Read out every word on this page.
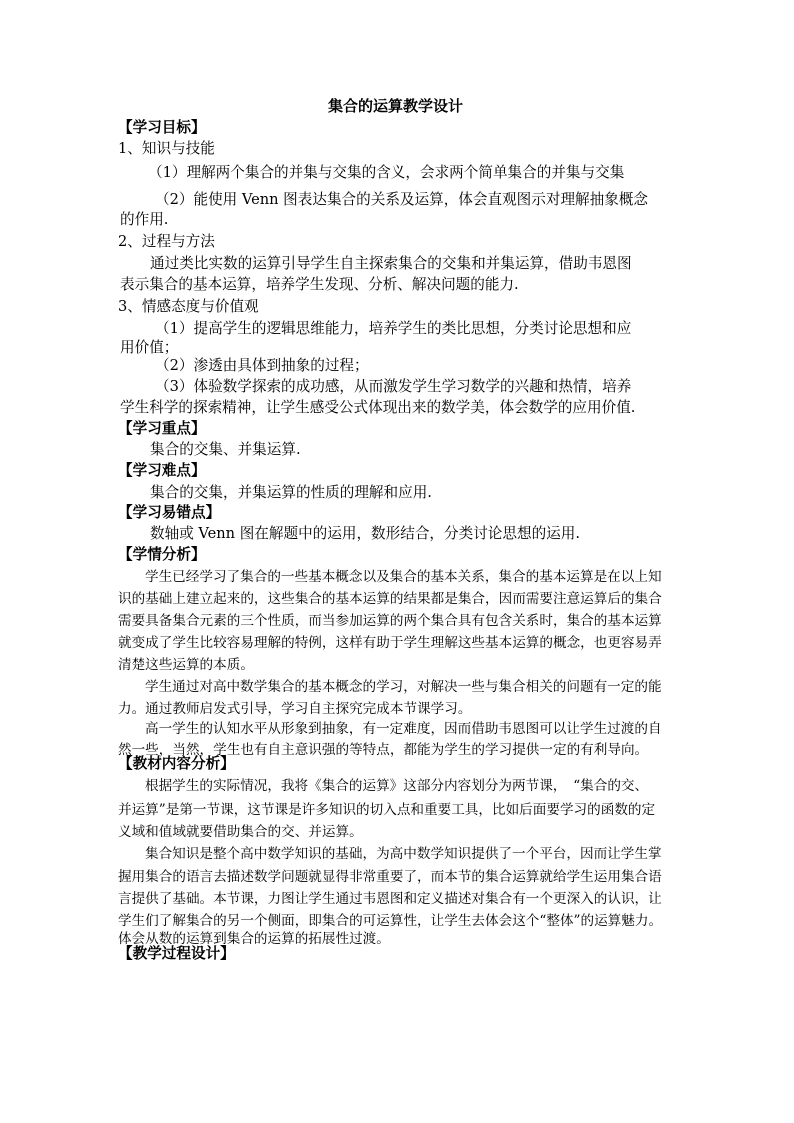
集合的运算教学设计
【学习目标】
1、知识与技能
（1）理解两个集合的并集与交集的含义，会求两个简单集合的并集与交集
（2）能使用 Venn 图表达集合的关系及运算，体会直观图示对理解抽象概念
的作用.
2、过程与方法
通过类比实数的运算引导学生自主探索集合的交集和并集运算，借助韦恩图
表示集合的基本运算，培养学生发现、分析、解决问题的能力.
3、情感态度与价值观
（1）提高学生的逻辑思维能力，培养学生的类比思想，分类讨论思想和应
用价值；
（2）渗透由具体到抽象的过程；
（3）体验数学探索的成功感，从而激发学生学习数学的兴趣和热情，培养
学生科学的探索精神，让学生感受公式体现出来的数学美，体会数学的应用价值.
【学习重点】
集合的交集、并集运算.
【学习难点】
集合的交集，并集运算的性质的理解和应用.
【学习易错点】
数轴或 Venn 图在解题中的运用，数形结合，分类讨论思想的运用.
【学情分析】
学生已经学习了集合的一些基本概念以及集合的基本关系，集合的基本运算是在以上知
识的基础上建立起来的，这些集合的基本运算的结果都是集合，因而需要注意运算后的集合
需要具备集合元素的三个性质，而当参加运算的两个集合具有包含关系时，集合的基本运算
就变成了学生比较容易理解的特例，这样有助于学生理解这些基本运算的概念，也更容易弄
清楚这些运算的本质。
学生通过对高中数学集合的基本概念的学习，对解决一些与集合相关的问题有一定的能
力。通过教师启发式引导，学习自主探究完成本节课学习。
高一学生的认知水平从形象到抽象，有一定难度，因而借助韦恩图可以让学生过渡的自
然一些，当然，学生也有自主意识强的等特点，都能为学生的学习提供一定的有利导向。
【教材内容分析】
根据学生的实际情况，我将《集合的运算》这部分内容划分为两节课，　“集合的交、
并运算”是第一节课，这节课是许多知识的切入点和重要工具，比如后面要学习的函数的定
义域和值域就要借助集合的交、并运算。
集合知识是整个高中数学知识的基础，为高中数学知识提供了一个平台，因而让学生掌
握用集合的语言去描述数学问题就显得非常重要了，而本节的集合运算就给学生运用集合语
言提供了基础。本节课，力图让学生通过韦恩图和定义描述对集合有一个更深入的认识，让
学生们了解集合的另一个侧面，即集合的可运算性，让学生去体会这个“整体”的运算魅力。
体会从数的运算到集合的运算的拓展性过渡。
【教学过程设计】
